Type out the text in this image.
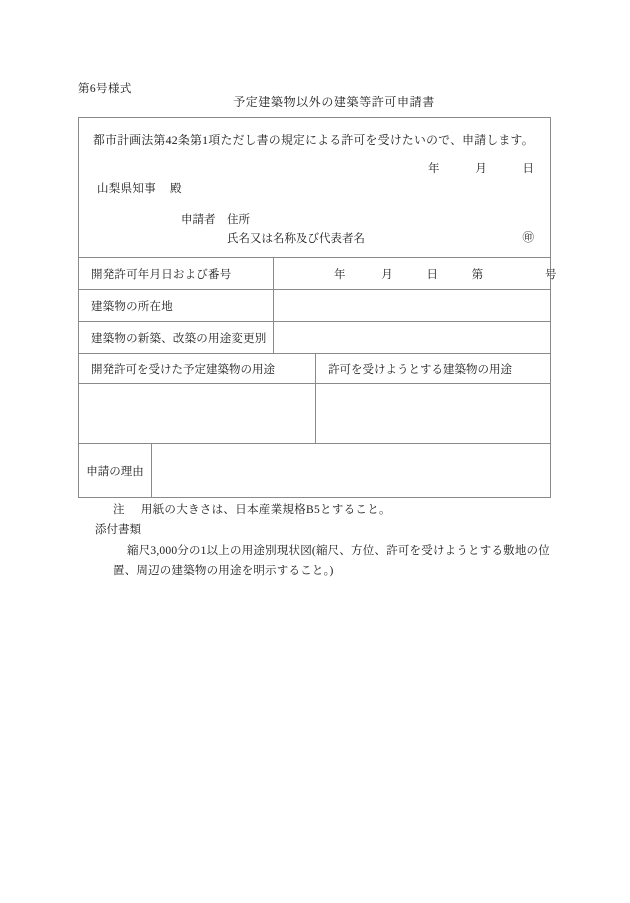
第6号様式
予定建築物以外の建築等許可申請書
都市計画法第42条第1項ただし書の規定による許可を受けたいので、申請します。
年	月	日
山梨県知事 殿
申請者 住所
氏名又は名称及び代表者名	㊞
開発許可年月日および番号	年	月	日	第	号
建築物の所在地
建築物の新築、改築の用途変更別
開発許可を受けた予定建築物の用途	許可を受けようとする建築物の用途
申請の理由
注 用紙の大きさは、日本産業規格B5とすること。
添付書類
縮尺3,000分の1以上の用途別現状図(縮尺、方位、許可を受けようとする敷地の位
置、周辺の建築物の用途を明示すること。)
